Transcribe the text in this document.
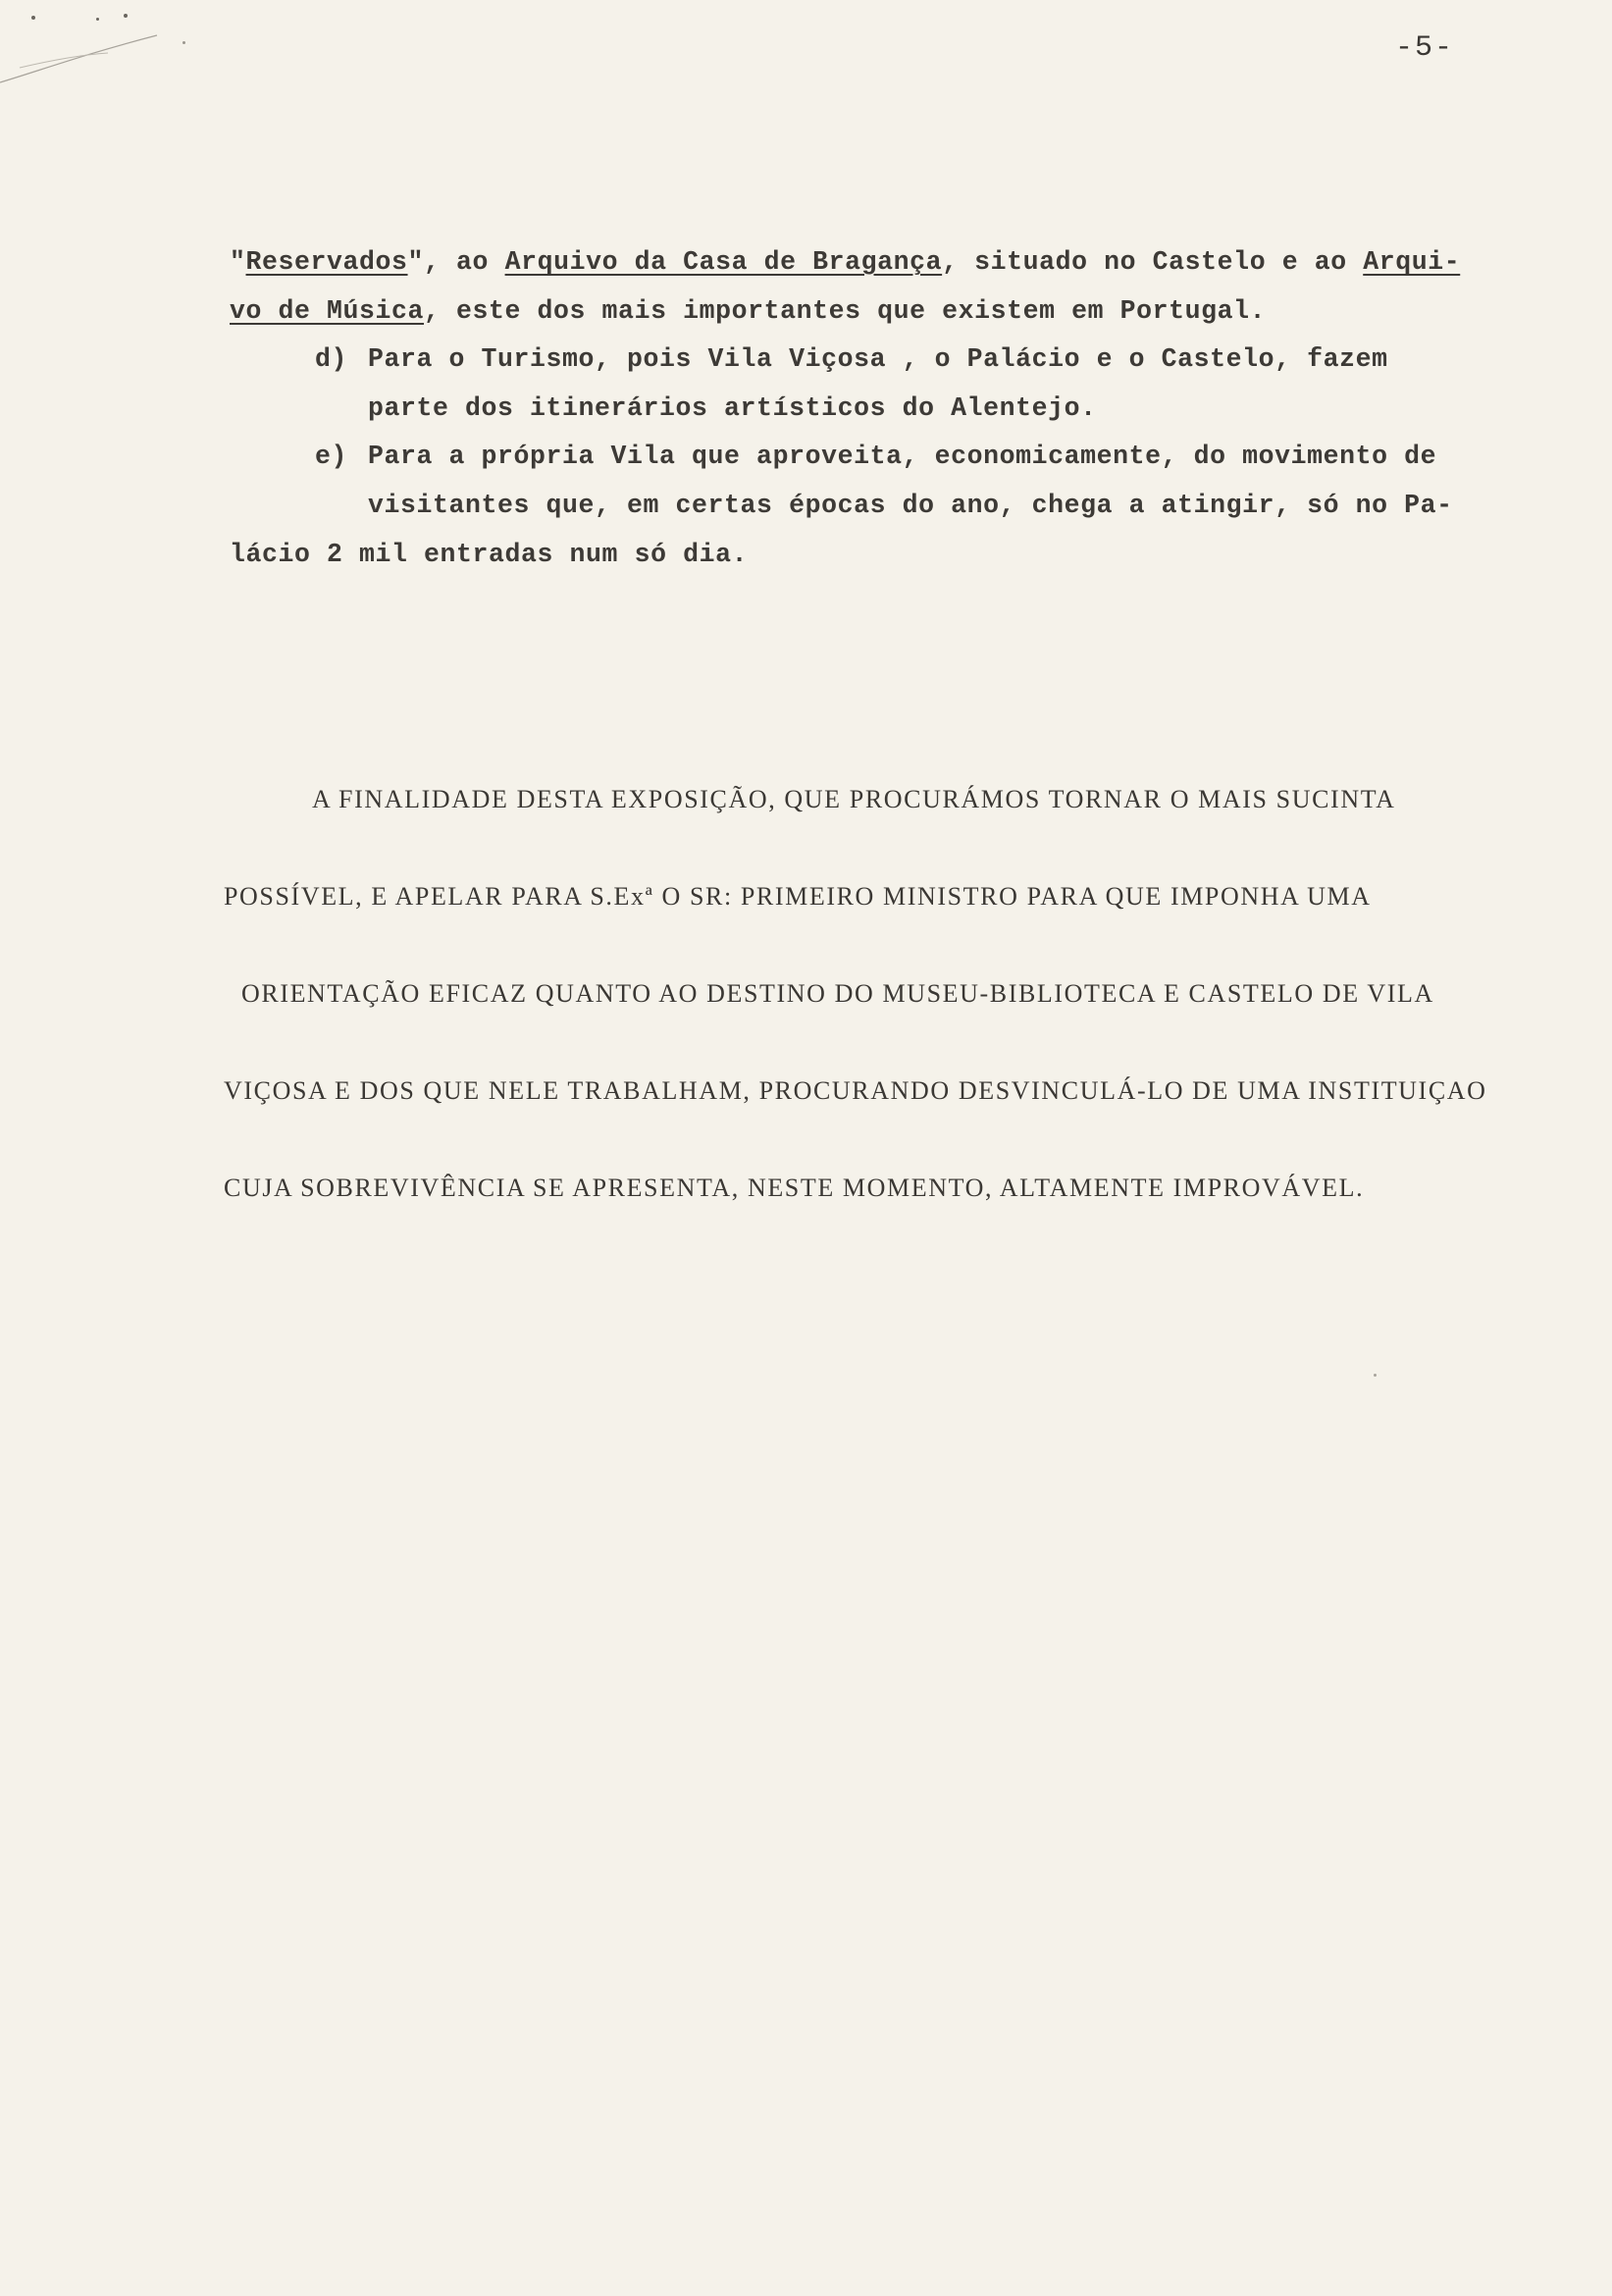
-5-
"Reservados", ao Arquivo da Casa de Bragança, situado no Castelo e ao Arqui-
vo de Música, este dos mais importantes que existem em Portugal.
d) Para o Turismo, pois Vila Viçosa , o Palácio e o Castelo, fazem
parte dos itinerários artísticos do Alentejo.
e) Para a própria Vila que aproveita, economicamente, do movimento de
visitantes que, em certas épocas do ano, chega a atingir, só no Pa-
lácio 2 mil entradas num só dia.
A FINALIDADE DESTA EXPOSIÇÃO, QUE PROCURÁMOS TORNAR O MAIS SUCINTA
POSSÍVEL, E APELAR PARA S.Exª O SR: PRIMEIRO MINISTRO PARA QUE IMPONHA UMA
ORIENTAÇÃO EFICAZ QUANTO AO DESTINO DO MUSEU-BIBLIOTECA E CASTELO DE VILA
VIÇOSA E DOS QUE NELE TRABALHAM, PROCURANDO DESVINCULÁ-LO DE UMA INSTITUIÇAO
CUJA SOBREVIVÊNCIA SE APRESENTA, NESTE MOMENTO, ALTAMENTE IMPROVÁVEL.
